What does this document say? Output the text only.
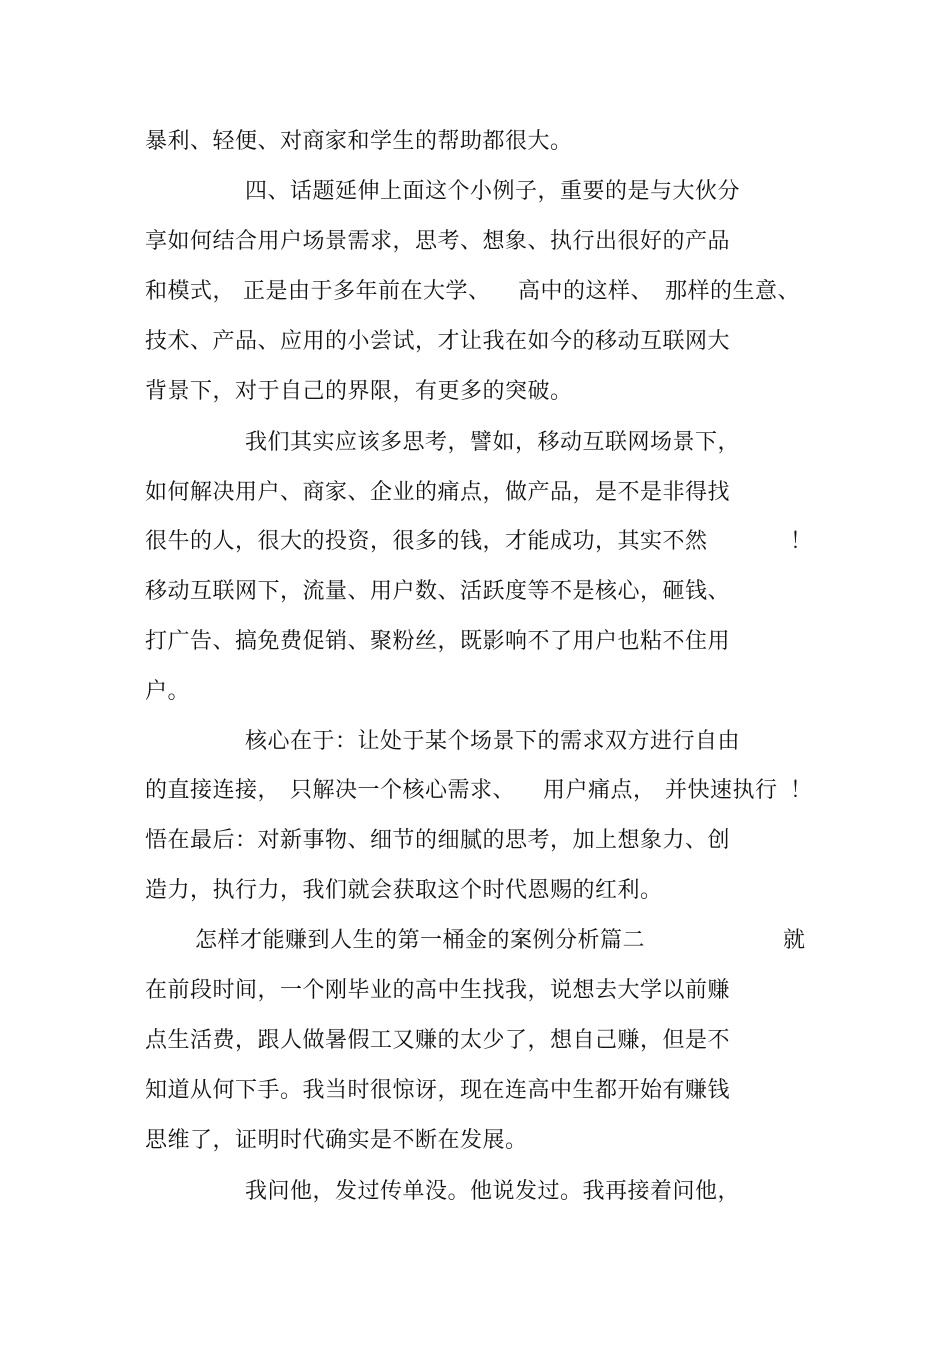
暴利、轻便、对商家和学生的帮助都很大。
四、话题延伸上面这个小例子，重要的是与大伙分
享如何结合用户场景需求，思考、想象、执行出很好的产品
和模式， 正是由于多年前在大学、 高中的这样、 那样的生意、
技术、产品、应用的小尝试，才让我在如今的移动互联网大
背景下，对于自己的界限，有更多的突破。
我们其实应该多思考，譬如，移动互联网场景下，
如何解决用户、商家、企业的痛点，做产品，是不是非得找
很牛的人，很大的投资，很多的钱，才能成功，其实不然	！
移动互联网下，流量、用户数、活跃度等不是核心，砸钱、
打广告、搞免费促销、聚粉丝，既影响不了用户也粘不住用
户。
核心在于：让处于某个场景下的需求双方进行自由
的直接连接， 只解决一个核心需求、 用户痛点， 并快速执行 ！
悟在最后：对新事物、细节的细腻的思考，加上想象力、创
造力，执行力，我们就会获取这个时代恩赐的红利。
怎样才能赚到人生的第一桶金的案例分析篇二	就
在前段时间，一个刚毕业的高中生找我，说想去大学以前赚
点生活费，跟人做暑假工又赚的太少了，想自己赚，但是不
知道从何下手。我当时很惊讶，现在连高中生都开始有赚钱
思维了，证明时代确实是不断在发展。
我问他，发过传单没。他说发过。我再接着问他，
